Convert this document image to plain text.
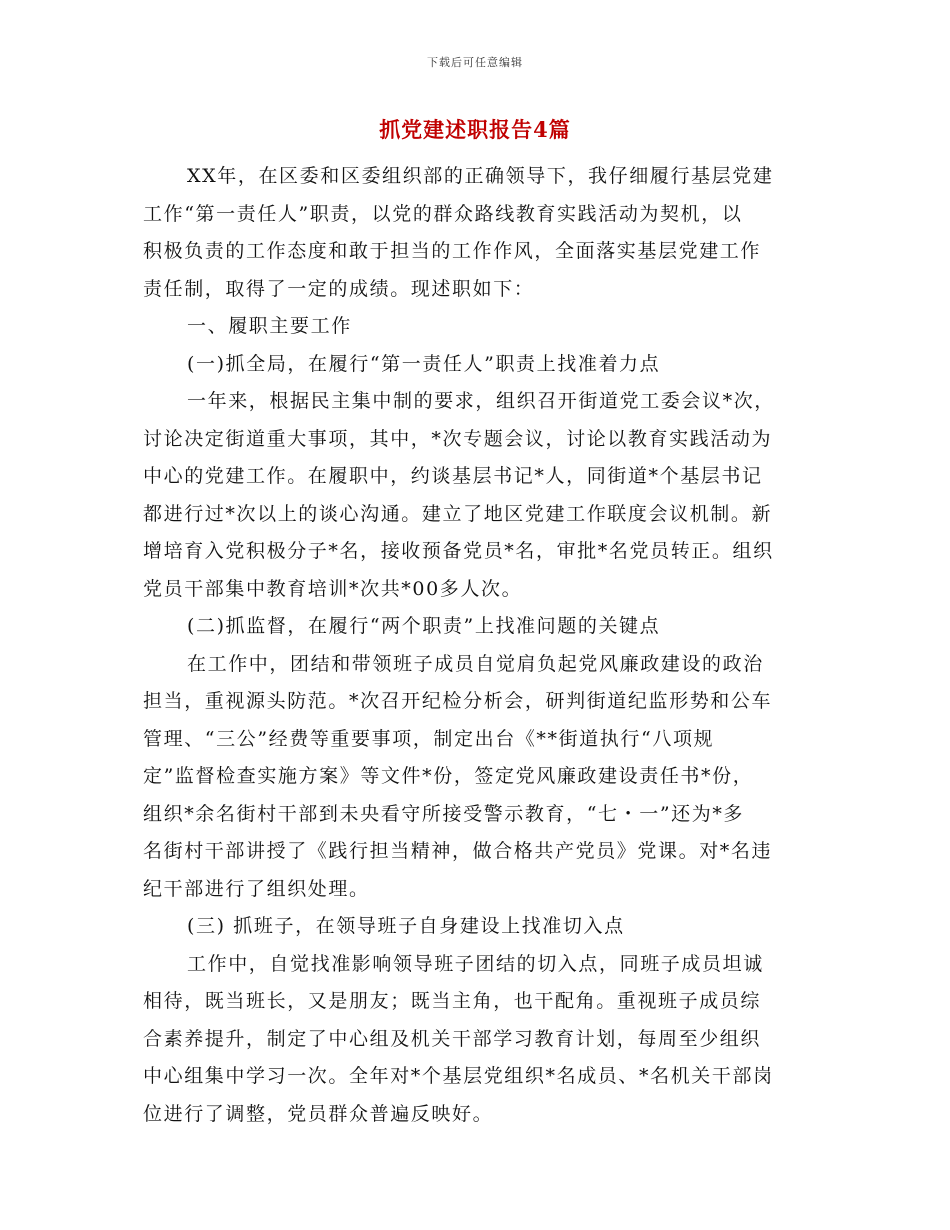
下载后可任意编辑
抓党建述职报告4篇
XX年，在区委和区委组织部的正确领导下，我仔细履行基层党建
工作“第一责任人”职责，以党的群众路线教育实践活动为契机，以
积极负责的工作态度和敢于担当的工作作风，全面落实基层党建工作
责任制，取得了一定的成绩。现述职如下：
一、履职主要工作
(一)抓全局，在履行“第一责任人”职责上找准着力点
一年来，根据民主集中制的要求，组织召开街道党工委会议*次，
讨论决定街道重大事项，其中，*次专题会议，讨论以教育实践活动为
中心的党建工作。在履职中，约谈基层书记*人，同街道*个基层书记
都进行过*次以上的谈心沟通。建立了地区党建工作联度会议机制。新
增培育入党积极分子*名，接收预备党员*名，审批*名党员转正。组织
党员干部集中教育培训*次共*00多人次。
(二)抓监督，在履行“两个职责”上找准问题的关键点
在工作中，团结和带领班子成员自觉肩负起党风廉政建设的政治
担当，重视源头防范。*次召开纪检分析会，研判街道纪监形势和公车
管理、“三公”经费等重要事项，制定出台《**街道执行“八项规
定”监督检查实施方案》等文件*份，签定党风廉政建设责任书*份，
组织*余名街村干部到未央看守所接受警示教育，“七・一”还为*多
名街村干部讲授了《践行担当精神，做合格共产党员》党课。对*名违
纪干部进行了组织处理。
(三) 抓班子，在领导班子自身建设上找准切入点
工作中，自觉找准影响领导班子团结的切入点，同班子成员坦诚
相待，既当班长，又是朋友；既当主角，也干配角。重视班子成员综
合素养提升，制定了中心组及机关干部学习教育计划，每周至少组织
中心组集中学习一次。全年对*个基层党组织*名成员、*名机关干部岗
位进行了调整，党员群众普遍反映好。
